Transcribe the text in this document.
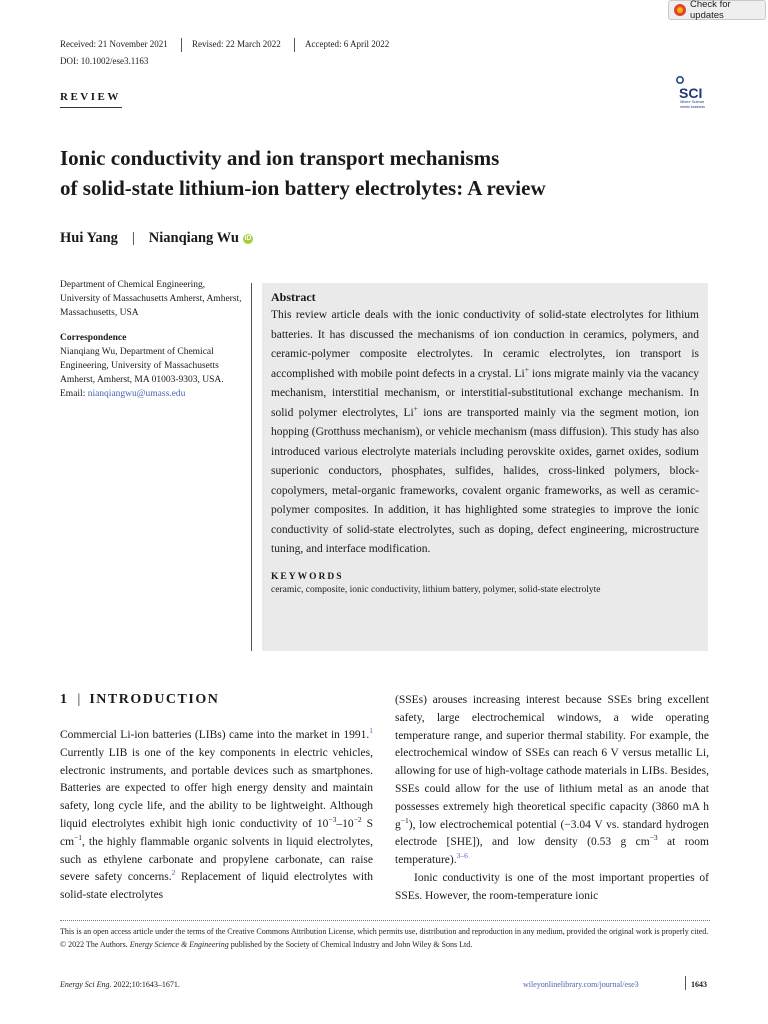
Check for updates
Received: 21 November 2021	Revised: 22 March 2022	Accepted: 6 April 2022
DOI: 10.1002/ese3.1163
SCI
Where Science meets business
REVIEW
Ionic conductivity and ion transport mechanisms
of solid-state lithium-ion battery electrolytes: A review
Hui Yang | Nianqiang Wu iD

Department of Chemical Engineering, University of Massachusetts Amherst, Amherst, Massachusetts, USA

Correspondence

Nianqiang Wu, Department of Chemical Engineering, University of Massachusetts Amherst, Amherst, MA 01003-9303, USA.

Email: nianqiangwu@umass.edu

Abstract

This review article deals with the ionic conductivity of solid-state electrolytes for lithium batteries. It has discussed the mechanisms of ion conduction in ceramics, polymers, and ceramic-polymer composite electrolytes. In ceramic electrolytes, ion transport is accomplished with mobile point defects in a crystal. Li+ ions migrate mainly via the vacancy mechanism, interstitial mechanism, or interstitial-substitutional exchange mechanism. In solid polymer electrolytes, Li+ ions are transported mainly via the segment motion, ion hopping (Grotthuss mechanism), or vehicle mechanism (mass diffusion). This study has also introduced various electrolyte materials including perovskite oxides, garnet oxides, sodium superionic conductors, phosphates, sulfides, halides, cross-linked polymers, block-copolymers, metal-organic frameworks, covalent organic frameworks, as well as ceramic-polymer composites. In addition, it has highlighted some strategies to improve the ionic conductivity of solid-state electrolytes, such as doping, defect engineering, microstructure tuning, and interface modification.

KEYWORDS

ceramic, composite, ionic conductivity, lithium battery, polymer, solid-state electrolyte

1 | INTRODUCTION

Commercial Li-ion batteries (LIBs) came into the market in 1991.$^1$ Currently LIB is one of the key components in electric vehicles, electronic instruments, and portable devices such as smartphones. Batteries are expected to offer high energy density and maintain safety, long cycle life, and the ability to be lightweight. Although liquid electrolytes exhibit high ionic conductivity of $10^{-3}-10^{-2}$ S $cm^{-1}$, the highly flammable organic solvents in liquid electrolytes, such as ethylene carbonate and propylene carbonate, can raise severe safety concerns.$^2$ Replacement of liquid electrolytes with solid-state electrolytes

(SSEs) arouses increasing interest because SSEs bring excellent safety, large electrochemical windows, a wide operating temperature range, and superior thermal stability. For example, the electrochemical window of SSEs can reach 6 V versus metallic Li, allowing for use of high-voltage cathode materials in LIBs. Besides, SSEs could allow for the use of lithium metal as an anode that possesses extremely high theoretical specific capacity (3860 mA h $g^{-1}$), low electrochemical potential (−3.04 V vs. standard hydrogen electrode [SHE]), and low density (0.53 g $cm^{-3}$ at room temperature).$^{3-6}$

Ionic conductivity is one of the most important properties of SSEs. However, the room-temperature ionic

This is an open access article under the terms of the Creative Commons Attribution License, which permits use, distribution and reproduction in any medium, provided the original work is properly cited.

© 2022 The Authors. Energy Science & Engineering published by the Society of Chemical Industry and John Wiley & Sons Ltd.

Energy Sci Eng. 2022;10:1643–1671.	wileyonlinelibrary.com/journal/ese3	1643
